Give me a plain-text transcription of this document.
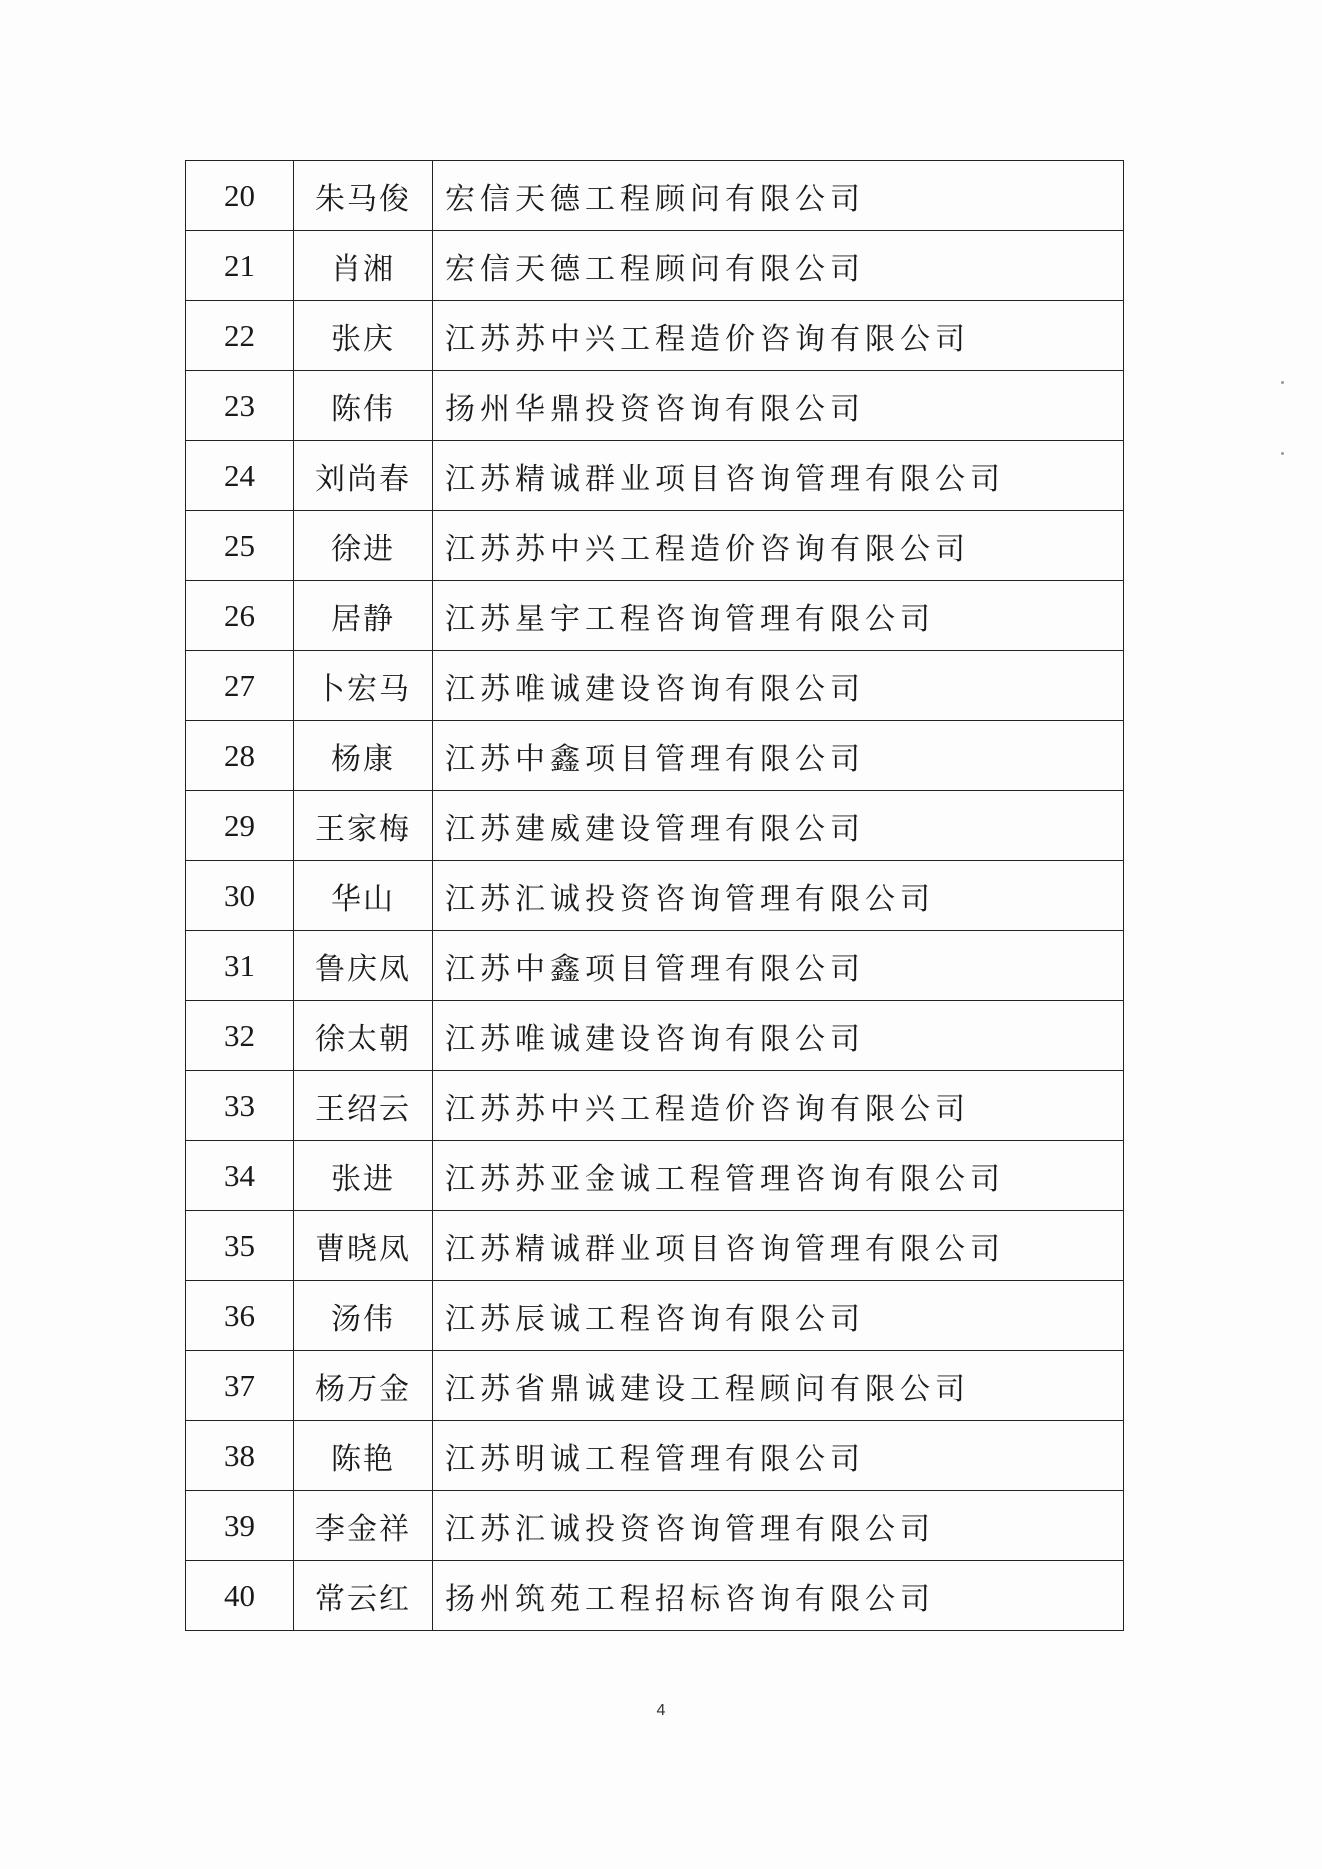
20	朱马俊	宏信天德工程顾问有限公司
21	肖湘	宏信天德工程顾问有限公司
22	张庆	江苏苏中兴工程造价咨询有限公司
23	陈伟	扬州华鼎投资咨询有限公司
24	刘尚春	江苏精诚群业项目咨询管理有限公司
25	徐进	江苏苏中兴工程造价咨询有限公司
26	居静	江苏星宇工程咨询管理有限公司
27	卜宏马	江苏唯诚建设咨询有限公司
28	杨康	江苏中鑫项目管理有限公司
29	王家梅	江苏建威建设管理有限公司
30	华山	江苏汇诚投资咨询管理有限公司
31	鲁庆凤	江苏中鑫项目管理有限公司
32	徐太朝	江苏唯诚建设咨询有限公司
33	王绍云	江苏苏中兴工程造价咨询有限公司
34	张进	江苏苏亚金诚工程管理咨询有限公司
35	曹晓凤	江苏精诚群业项目咨询管理有限公司
36	汤伟	江苏辰诚工程咨询有限公司
37	杨万金	江苏省鼎诚建设工程顾问有限公司
38	陈艳	江苏明诚工程管理有限公司
39	李金祥	江苏汇诚投资咨询管理有限公司
40	常云红	扬州筑苑工程招标咨询有限公司
4
